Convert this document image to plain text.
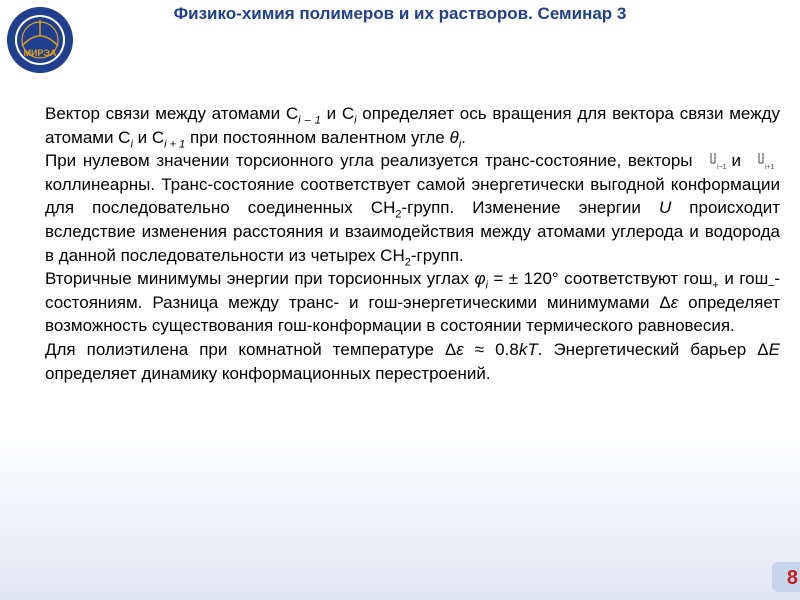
МИРЭА
Физико-химия полимеров и их растворов. Семинар 3

Вектор связи между атомами $C_{i - 1}$ и $C_i$ определяет ось вращения для вектора связи между атомами $C_i$ и $C_{i + 1}$ при постоянном валентном угле $\theta_i$.

При нулевом значении торсионного угла реализуется транс-состояние, векторы	i−1 и	i+1
коллинеарны. Транс-состояние соответствует самой энергетически выгодной конформации для последовательно соединенных $CH_2$-групп. Изменение энергии U происходит вследствие изменения расстояния и взаимодействия между атомами углерода и водорода в данной последовательности из четырех $CH_2$-групп.

Вторичные минимумы энергии при торсионных углах $\varphi_i$ = ± 120° соответствуют гош$_+$ и гош$_-$-состояниям. Разница между транс- и гош-энергетическими минимумами Δε определяет возможность существования гош-конформации в состоянии термического равновесия.

Для полиэтилена при комнатной температуре Δε ≈ 0.8kT. Энергетический барьер ΔE определяет динамику конформационных перестроений.

8
